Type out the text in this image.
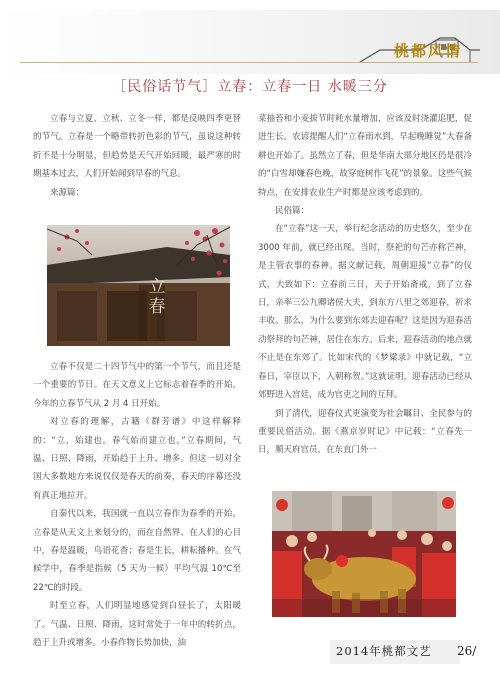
桃都风情
［民俗话节气］立春：立春一日 水暖三分

立春与立夏、立秋、立冬一样，都是反映四季更替的节气。立春是一个略带转折色彩的节气，虽说这种转折不是十分明显，但趋势是天气开始回暖，最严寒的时期基本过去，人们开始闻到早春的气息。

来源篇：

立春

立春不仅是二十四节气中的第一个节气，而且还是一个重要的节日。在天文意义上它标志着春季的开始。今年的立春节气从 2 月 4 日开始。

对立春的理解，古籍《群芳谱》中这样解释的：“立，始建也。春气始而建立也。”立春期间，气温、日照、降雨，开始趋于上升、增多。但这一切对全国大多数地方来说仅仅是春天的前奏，春天的序幕还没有真正地拉开。

自秦代以来，我国就一直以立春作为春季的开始。立春是从天文上来划分的，而在自然界、在人们的心目中，春是温暖，鸟语花香；春是生长，耕耘播种。在气候学中，春季是指候（5 天为一候）平均气温 10℃至 22℃的时段。

时至立春，人们明显地感觉到白昼长了，太阳暖了。气温、日照、降雨，这时常处于一年中的转折点，趋于上升或增多。小春作物长势加快，油

菜抽苔和小麦拔节时耗水量增加，应该及时浇灌追肥，促进生长。农谚提醒人们“立春雨水到，早起晚睡觉”大春备耕也开始了。虽然立了春，但是华南大部分地区仍是很冷的“白雪却嫌春色晚，故穿庭树作飞花”的景象。这些气候特点，在安排农业生产时都是应该考虑到的。

民俗篇：

在“立春”这一天，举行纪念活动的历史悠久，至少在 3000 年前，就已经出现。当时，祭祀的句芒亦称芒神，是主管农事的春神。据文献记载，周朝迎接“立春”的仪式，大致如下：立春前三日，天子开始斋戒，到了立春日，亲率三公九卿诸侯大夫，到东方八里之郊迎春，祈求丰收。那么，为什么要到东郊去迎春呢？这是因为迎春活动祭拜的句芒神，居住在东方。后来，迎春活动的地点就不止是在东郊了。比如宋代的《梦粱录》中就记载，“立春日，宰臣以下，入朝称贺。”这就证明，迎春活动已经从郊野进入宫廷，成为官吏之间的互拜。

到了清代，迎春仪式更演变为社会瞩目、全民参与的重要民俗活动。据《燕京岁时记》中记载：“立春先一日，顺天府官员，在东直门外一

2014年桃都文艺 26/
